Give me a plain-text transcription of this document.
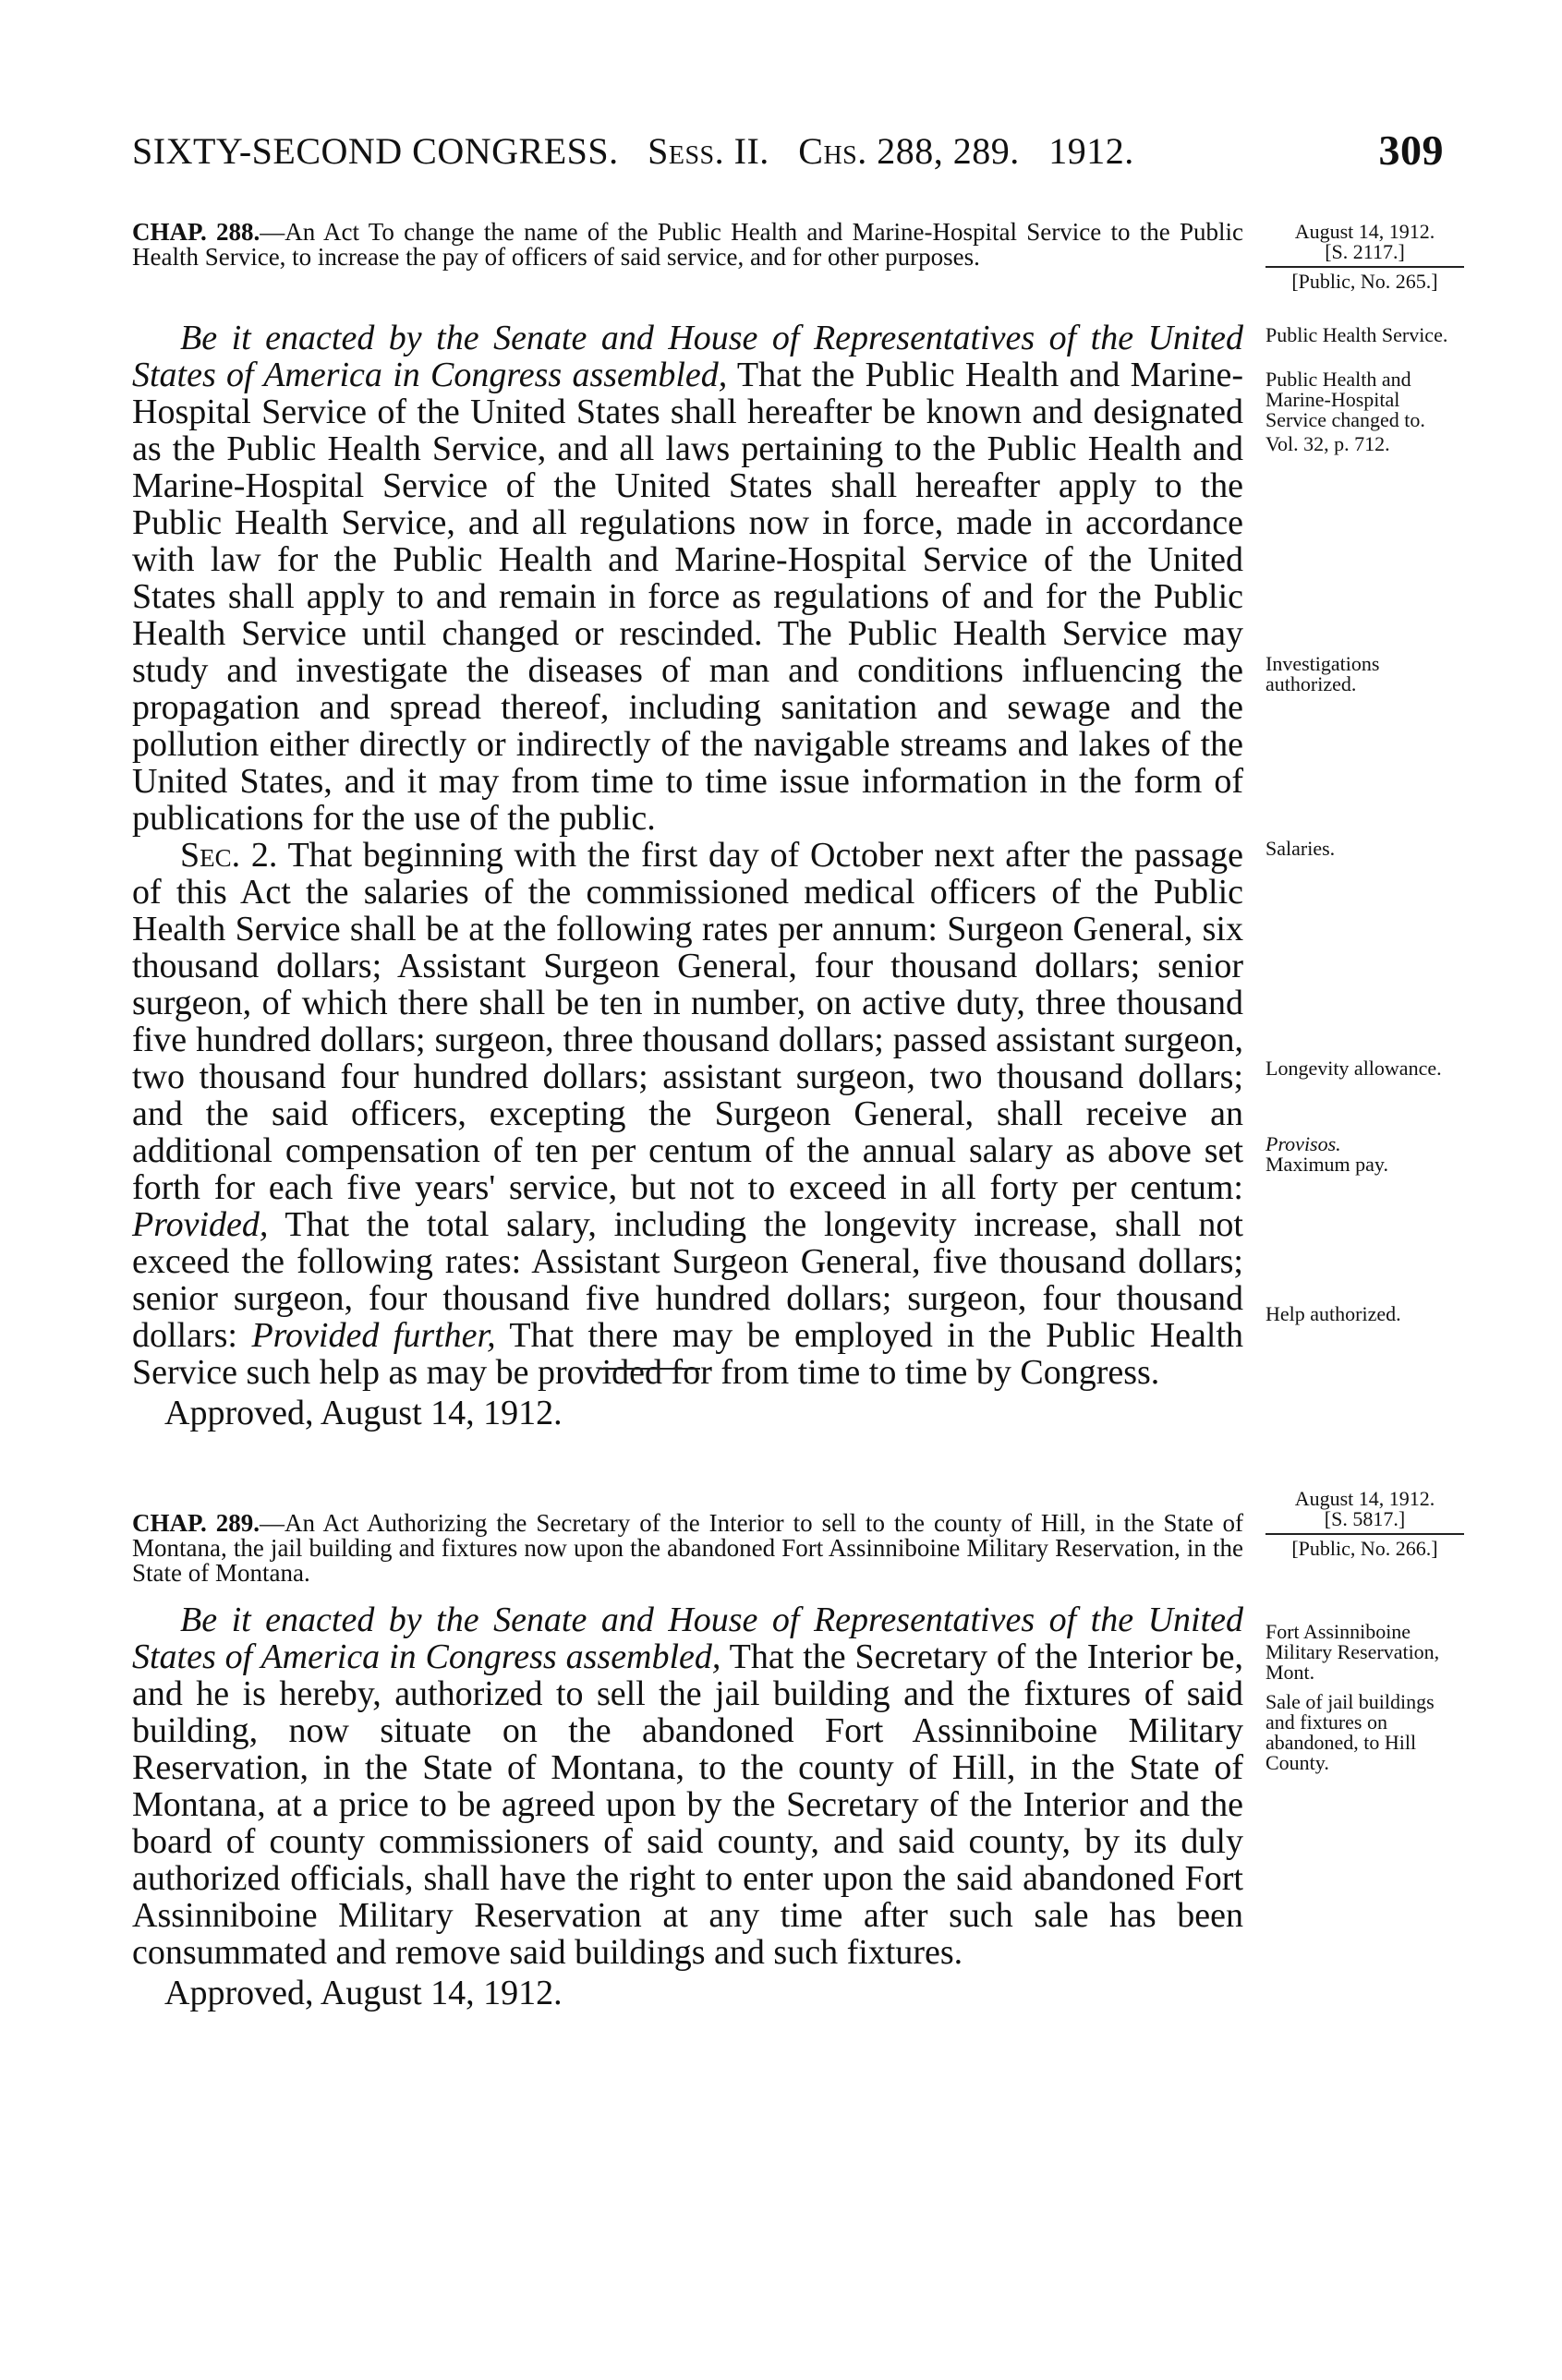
SIXTY-SECOND CONGRESS. Sess. II. Chs. 288, 289. 1912.	309
CHAP. 288.—An Act To change the name of the Public Health and Marine-Hospital Service to the Public Health Service, to increase the pay of officers of said service, and for other purposes.
August 14, 1912.
[S. 2117.]
[Public, No. 265.]

Be it enacted by the Senate and House of Representatives of the United States of America in Congress assembled, That the Public Health and Marine-Hospital Service of the United States shall hereafter be known and designated as the Public Health Service, and all laws pertaining to the Public Health and Marine-Hospital Service of the United States shall hereafter apply to the Public Health Service, and all regulations now in force, made in accordance with law for the Public Health and Marine-Hospital Service of the United States shall apply to and remain in force as regulations of and for the Public Health Service until changed or rescinded. The Public Health Service may study and investigate the diseases of man and conditions influencing the propagation and spread thereof, including sanitation and sewage and the pollution either directly or indirectly of the navigable streams and lakes of the United States, and it may from time to time issue information in the form of publications for the use of the public.

Sec. 2. That beginning with the first day of October next after the passage of this Act the salaries of the commissioned medical officers of the Public Health Service shall be at the following rates per annum: Surgeon General, six thousand dollars; Assistant Surgeon General, four thousand dollars; senior surgeon, of which there shall be ten in number, on active duty, three thousand five hundred dollars; surgeon, three thousand dollars; passed assistant surgeon, two thousand four hundred dollars; assistant surgeon, two thousand dollars; and the said officers, excepting the Surgeon General, shall receive an additional compensation of ten per centum of the annual salary as above set forth for each five years' service, but not to exceed in all forty per centum: Provided, That the total salary, including the longevity increase, shall not exceed the following rates: Assistant Surgeon General, five thousand dollars; senior surgeon, four thousand five hundred dollars; surgeon, four thousand dollars: Provided further, That there may be employed in the Public Health Service such help as may be provided for from time to time by Congress.

Approved, August 14, 1912.

Public Health Service.
Public Health and Marine-Hospital Service changed to.
Vol. 32, p. 712.
Investigations authorized.
Salaries.
Longevity allowance.
Provisos.
Maximum pay.
Help authorized.
CHAP. 289.—An Act Authorizing the Secretary of the Interior to sell to the county of Hill, in the State of Montana, the jail building and fixtures now upon the abandoned Fort Assinniboine Military Reservation, in the State of Montana.
August 14, 1912.
[S. 5817.]
[Public, No. 266.]

Be it enacted by the Senate and House of Representatives of the United States of America in Congress assembled, That the Secretary of the Interior be, and he is hereby, authorized to sell the jail building and the fixtures of said building, now situate on the abandoned Fort Assinniboine Military Reservation, in the State of Montana, to the county of Hill, in the State of Montana, at a price to be agreed upon by the Secretary of the Interior and the board of county commissioners of said county, and said county, by its duly authorized officials, shall have the right to enter upon the said abandoned Fort Assinniboine Military Reservation at any time after such sale has been consummated and remove said buildings and such fixtures.

Approved, August 14, 1912.

Fort Assinniboine Military Reservation, Mont.
Sale of jail buildings and fixtures on abandoned, to Hill County.
